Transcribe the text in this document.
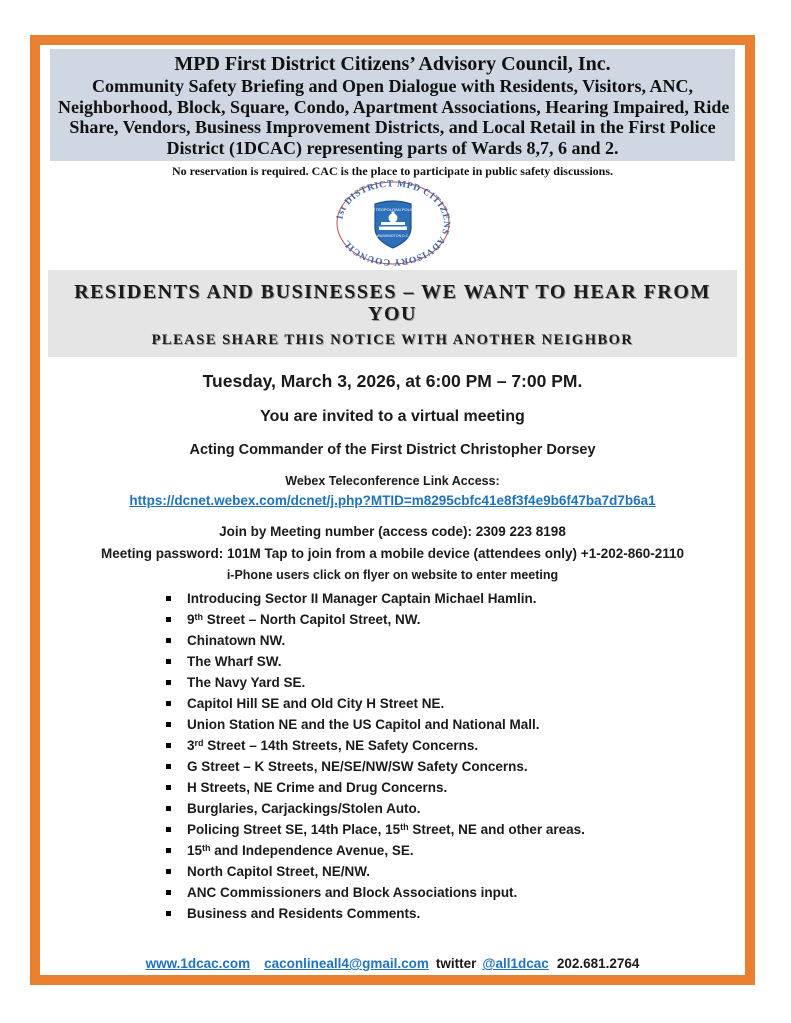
MPD First District Citizens’ Advisory Council, Inc.
Community Safety Briefing and Open Dialogue with Residents, Visitors, ANC,
Neighborhood, Block, Square, Condo, Apartment Associations, Hearing Impaired, Ride
Share, Vendors, Business Improvement Districts, and Local Retail in the First Police
District (1DCAC) representing parts of Wards 8,7, 6 and 2.
No reservation is required. CAC is the place to participate in public safety discussions.
1st DISTRICT MPD CITIZENS ADVISORY COUNCIL
METROPOLITAN POLICE
WASHINGTON D.C.
RESIDENTS AND BUSINESSES – WE WANT TO HEAR FROM YOU
PLEASE SHARE THIS NOTICE WITH ANOTHER NEIGHBOR
Tuesday, March 3, 2026, at 6:00 PM – 7:00 PM.
You are invited to a virtual meeting
Acting Commander of the First District Christopher Dorsey
Webex Teleconference Link Access:
https://dcnet.webex.com/dcnet/j.php?MTID=m8295cbfc41e8f3f4e9b6f47ba7d7b6a1
Join by Meeting number (access code): 2309 223 8198
Meeting password: 101M Tap to join from a mobile device (attendees only) +1-202-860-2110
i-Phone users click on flyer on website to enter meeting
Introducing Sector II Manager Captain Michael Hamlin.
9th Street – North Capitol Street, NW.
Chinatown NW.
The Wharf SW.
The Navy Yard SE.
Capitol Hill SE and Old City H Street NE.
Union Station NE and the US Capitol and National Mall.
3rd Street – 14th Streets, NE Safety Concerns.
G Street – K Streets, NE/SE/NW/SW Safety Concerns.
H Streets, NE Crime and Drug Concerns.
Burglaries, Carjackings/Stolen Auto.
Policing Street SE, 14th Place, 15th Street, NE and other areas.
15th and Independence Avenue, SE.
North Capitol Street, NE/NW.
ANC Commissioners and Block Associations input.
Business and Residents Comments.
www.1dcac.com caconlineall4@gmail.com twitter @all1dcac 202.681.2764
